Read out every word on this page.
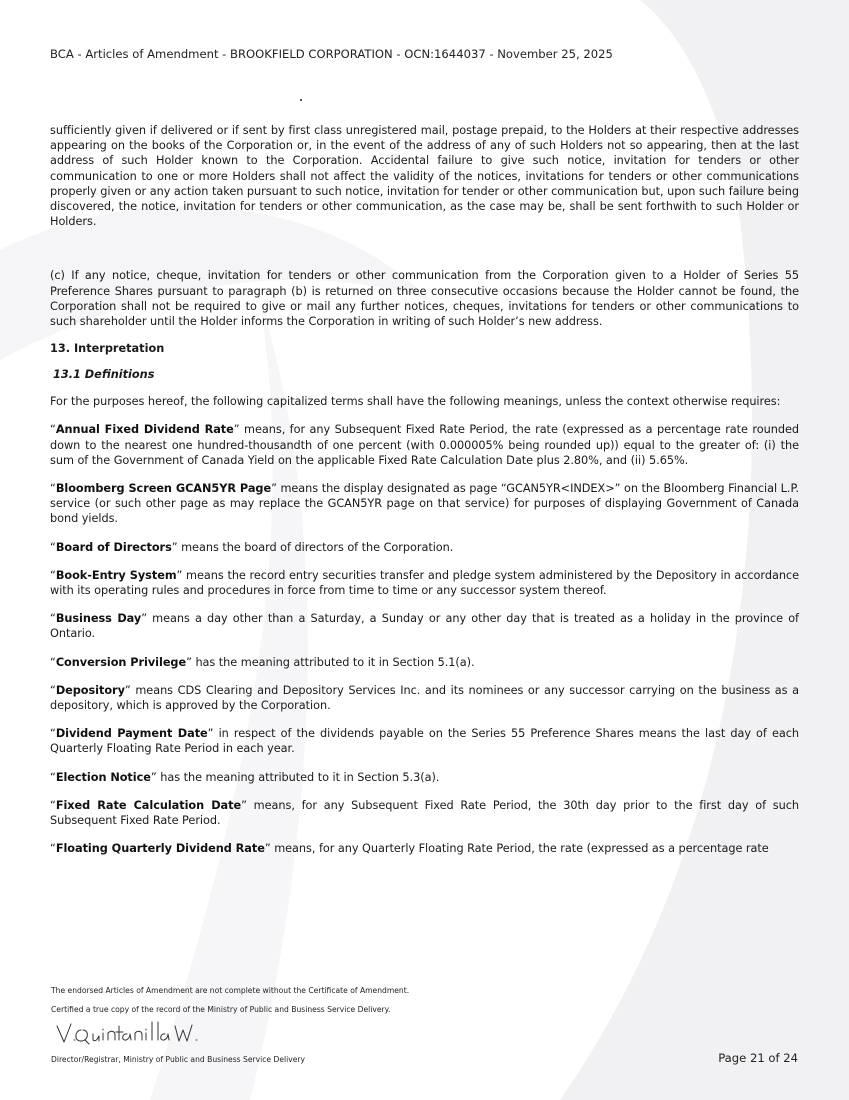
BCA - Articles of Amendment - BROOKFIELD CORPORATION - OCN:1644037 - November 25, 2025

sufficiently given if delivered or if sent by first class unregistered mail, postage prepaid, to the Holders at their respective addresses appearing on the books of the Corporation or, in the event of the address of any of such Holders not so appearing, then at the last address of such Holder known to the Corporation. Accidental failure to give such notice, invitation for tenders or other communication to one or more Holders shall not affect the validity of the notices, invitations for tenders or other communications properly given or any action taken pursuant to such notice, invitation for tender or other communication but, upon such failure being discovered, the notice, invitation for tenders or other communication, as the case may be, shall be sent forthwith to such Holder or Holders.

(c) If any notice, cheque, invitation for tenders or other communication from the Corporation given to a Holder of Series 55 Preference Shares pursuant to paragraph (b) is returned on three consecutive occasions because the Holder cannot be found, the Corporation shall not be required to give or mail any further notices, cheques, invitations for tenders or other communications to such shareholder until the Holder informs the Corporation in writing of such Holder’s new address.

13. Interpretation
13.1 Definitions

For the purposes hereof, the following capitalized terms shall have the following meanings, unless the context otherwise requires:

“Annual Fixed Dividend Rate” means, for any Subsequent Fixed Rate Period, the rate (expressed as a percentage rate rounded down to the nearest one hundred-thousandth of one percent (with 0.000005% being rounded up)) equal to the greater of: (i) the sum of the Government of Canada Yield on the applicable Fixed Rate Calculation Date plus 2.80%, and (ii) 5.65%.

“Bloomberg Screen GCAN5YR Page” means the display designated as page “GCAN5YR<INDEX>” on the Bloomberg Financial L.P. service (or such other page as may replace the GCAN5YR page on that service) for purposes of displaying Government of Canada bond yields.

“Board of Directors” means the board of directors of the Corporation.

“Book-Entry System” means the record entry securities transfer and pledge system administered by the Depository in accordance with its operating rules and procedures in force from time to time or any successor system thereof.

“Business Day” means a day other than a Saturday, a Sunday or any other day that is treated as a holiday in the province of Ontario.

“Conversion Privilege” has the meaning attributed to it in Section 5.1(a).

“Depository” means CDS Clearing and Depository Services Inc. and its nominees or any successor carrying on the business as a depository, which is approved by the Corporation.

“Dividend Payment Date” in respect of the dividends payable on the Series 55 Preference Shares means the last day of each Quarterly Floating Rate Period in each year.

“Election Notice” has the meaning attributed to it in Section 5.3(a).

“Fixed Rate Calculation Date” means, for any Subsequent Fixed Rate Period, the 30th day prior to the first day of such Subsequent Fixed Rate Period.

“Floating Quarterly Dividend Rate” means, for any Quarterly Floating Rate Period, the rate (expressed as a percentage rate

The endorsed Articles of Amendment are not complete without the Certificate of Amendment.
Certified a true copy of the record of the Ministry of Public and Business Service Delivery.
Director/Registrar, Ministry of Public and Business Service Delivery	Page 21 of 24
